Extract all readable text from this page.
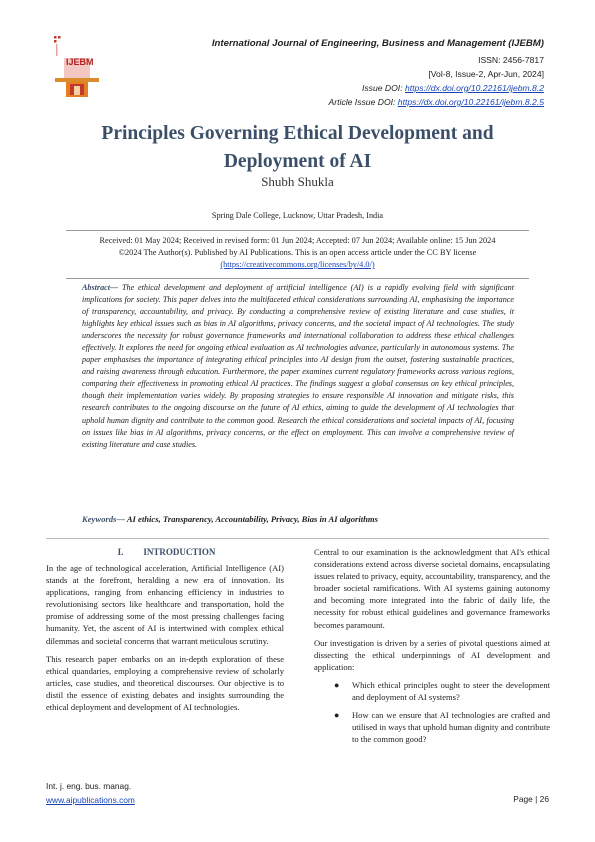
IJEBM
International Journal of Engineering, Business and Management (IJEBM)
ISSN: 2456-7817
[Vol-8, Issue-2, Apr-Jun, 2024]
Issue DOI: https://dx.doi.org/10.22161/ijebm.8.2
Article Issue DOI: https://dx.doi.org/10.22161/ijebm.8.2.5
Principles Governing Ethical Development and Deployment of AI
Shubh Shukla
Spring Dale College, Lucknow, Uttar Pradesh, India
Received: 01 May 2024; Received in revised form: 01 Jun 2024; Accepted: 07 Jun 2024; Available online: 15 Jun 2024
©2024 The Author(s). Published by AI Publications. This is an open access article under the CC BY license
(https://creativecommons.org/licenses/by/4.0/)
Abstract— The ethical development and deployment of artificial intelligence (AI) is a rapidly evolving field with significant implications for society. This paper delves into the multifaceted ethical considerations surrounding AI, emphasising the importance of transparency, accountability, and privacy. By conducting a comprehensive review of existing literature and case studies, it highlights key ethical issues such as bias in AI algorithms, privacy concerns, and the societal impact of AI technologies. The study underscores the necessity for robust governance frameworks and international collaboration to address these ethical challenges effectively. It explores the need for ongoing ethical evaluation as AI technologies advance, particularly in autonomous systems. The paper emphasises the importance of integrating ethical principles into AI design from the outset, fostering sustainable practices, and raising awareness through education. Furthermore, the paper examines current regulatory frameworks across various regions, comparing their effectiveness in promoting ethical AI practices. The findings suggest a global consensus on key ethical principles, though their implementation varies widely. By proposing strategies to ensure responsible AI innovation and mitigate risks, this research contributes to the ongoing discourse on the future of AI ethics, aiming to guide the development of AI technologies that uphold human dignity and contribute to the common good. Research the ethical considerations and societal impacts of AI, focusing on issues like bias in AI algorithms, privacy concerns, or the effect on employment. This can involve a comprehensive review of existing literature and case studies.
Keywords— AI ethics, Transparency, Accountability, Privacy, Bias in AI algorithms
I. INTRODUCTION

In the age of technological acceleration, Artificial Intelligence (AI) stands at the forefront, heralding a new era of innovation. Its applications, ranging from enhancing efficiency in industries to revolutionising sectors like healthcare and transportation, hold the promise of addressing some of the most pressing challenges facing humanity. Yet, the ascent of AI is intertwined with complex ethical dilemmas and societal concerns that warrant meticulous scrutiny.

This research paper embarks on an in-depth exploration of these ethical quandaries, employing a comprehensive review of scholarly articles, case studies, and theoretical discourses. Our objective is to distil the essence of existing debates and insights surrounding the ethical deployment and development of AI technologies.

Central to our examination is the acknowledgment that AI's ethical considerations extend across diverse societal domains, encapsulating issues related to privacy, equity, accountability, transparency, and the broader societal ramifications. With AI systems gaining autonomy and becoming more integrated into the fabric of daily life, the necessity for robust ethical guidelines and governance frameworks becomes paramount.

Our investigation is driven by a series of pivotal questions aimed at dissecting the ethical underpinnings of AI development and application:

● Which ethical principles ought to steer the development and deployment of AI systems?
● How can we ensure that AI technologies are crafted and utilised in ways that uphold human dignity and contribute to the common good?
Int. j. eng. bus. manag.
www.aipublications.com	Page | 26
